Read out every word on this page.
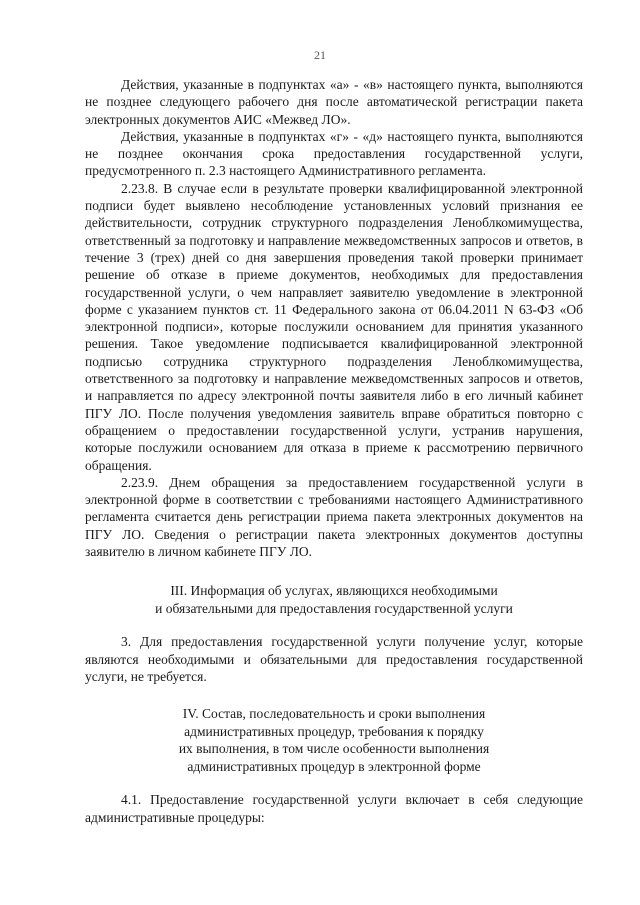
21

Действия, указанные в подпунктах «а» - «в» настоящего пункта, выполняются не позднее следующего рабочего дня после автоматической регистрации пакета электронных документов АИС «Межвед ЛО».

Действия, указанные в подпунктах «г» - «д» настоящего пункта, выполняются не позднее окончания срока предоставления государственной услуги, предусмотренного п. 2.3 настоящего Административного регламента.

2.23.8. В случае если в результате проверки квалифицированной электронной подписи будет выявлено несоблюдение установленных условий признания ее действительности, сотрудник структурного подразделения Леноблкомимущества, ответственный за подготовку и направление межведомственных запросов и ответов, в течение 3 (трех) дней со дня завершения проведения такой проверки принимает решение об отказе в приеме документов, необходимых для предоставления государственной услуги, о чем направляет заявителю уведомление в электронной форме с указанием пунктов ст. 11 Федерального закона от 06.04.2011 N 63-ФЗ «Об электронной подписи», которые послужили основанием для принятия указанного решения. Такое уведомление подписывается квалифицированной электронной подписью сотрудника структурного подразделения Леноблкомимущества, ответственного за подготовку и направление межведомственных запросов и ответов, и направляется по адресу электронной почты заявителя либо в его личный кабинет ПГУ ЛО. После получения уведомления заявитель вправе обратиться повторно с обращением о предоставлении государственной услуги, устранив нарушения, которые послужили основанием для отказа в приеме к рассмотрению первичного обращения.

2.23.9. Днем обращения за предоставлением государственной услуги в электронной форме в соответствии с требованиями настоящего Административного регламента считается день регистрации приема пакета электронных документов на ПГУ ЛО. Сведения о регистрации пакета электронных документов доступны заявителю в личном кабинете ПГУ ЛО.

III. Информация об услугах, являющихся необходимыми
и обязательными для предоставления государственной услуги

3. Для предоставления государственной услуги получение услуг, которые являются необходимыми и обязательными для предоставления государственной услуги, не требуется.

IV. Состав, последовательность и сроки выполнения
административных процедур, требования к порядку
их выполнения, в том числе особенности выполнения
административных процедур в электронной форме

4.1. Предоставление государственной услуги включает в себя следующие административные процедуры:
